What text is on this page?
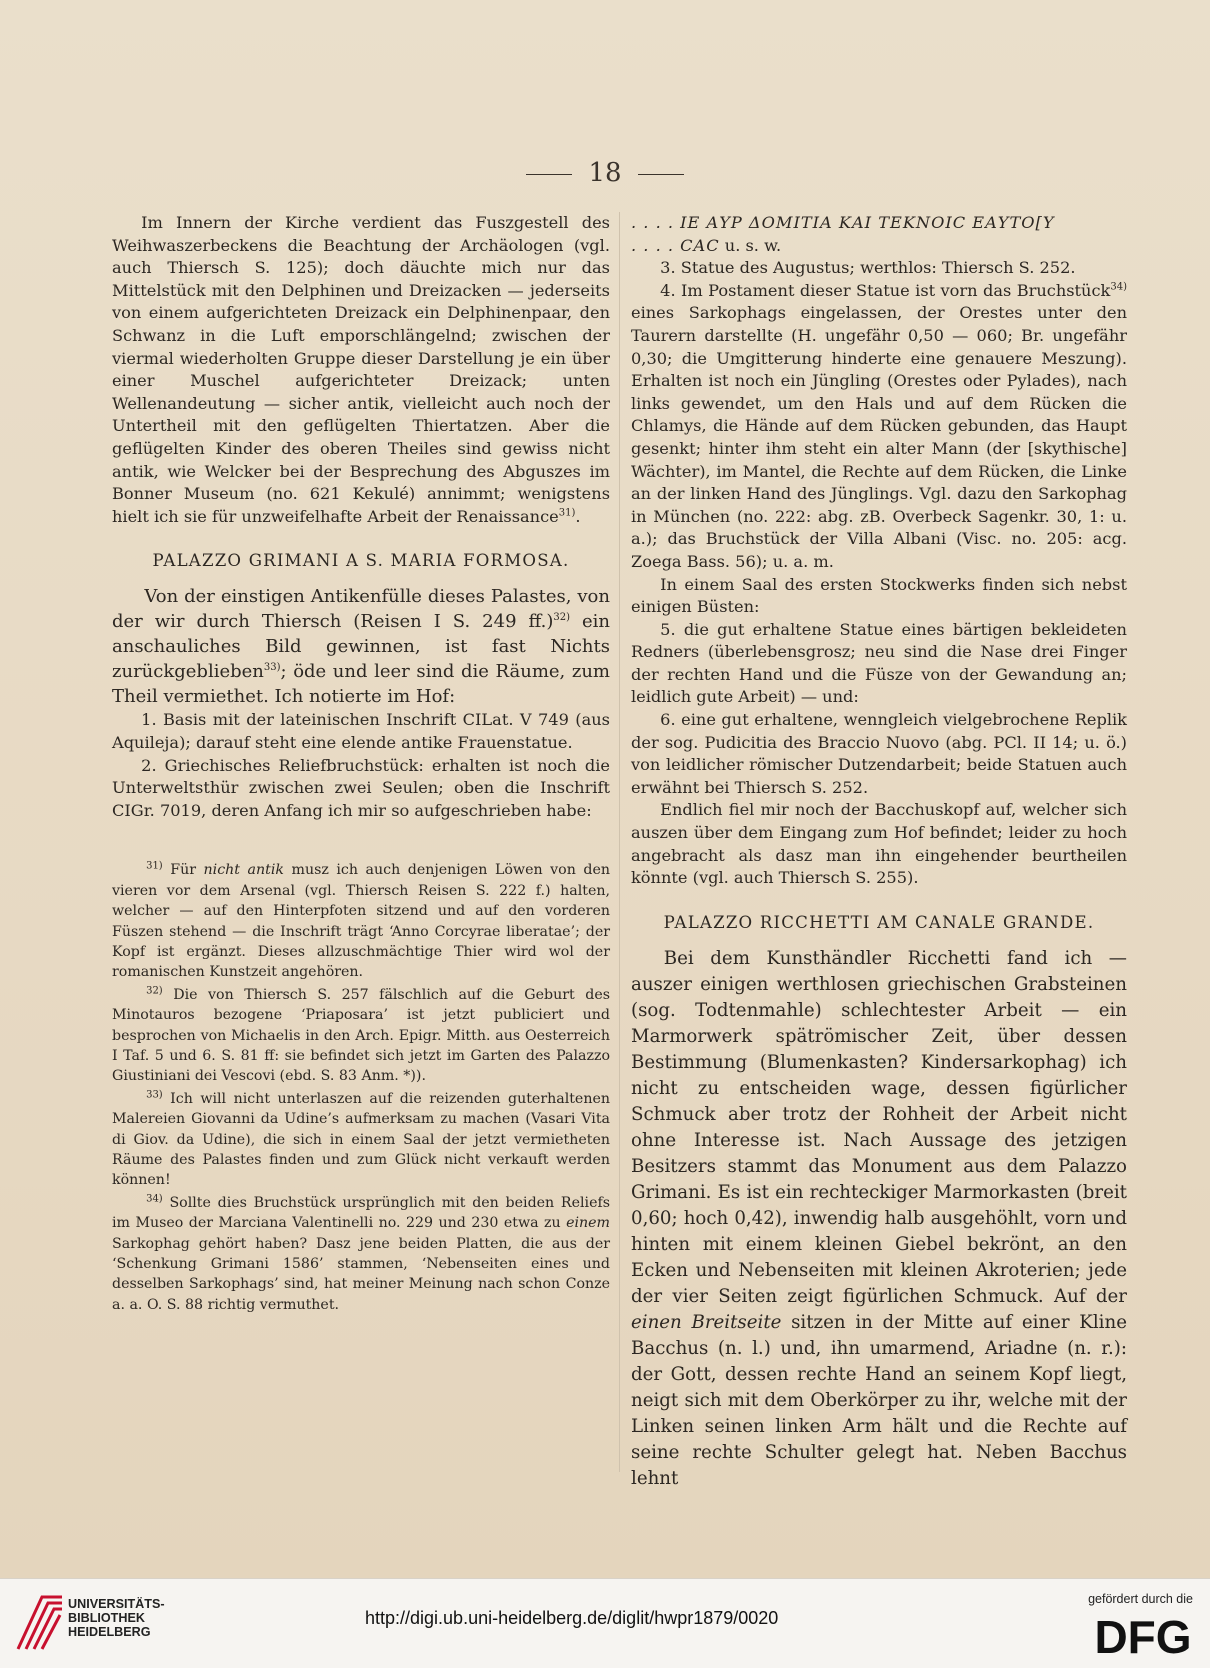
18

Im Innern der Kirche verdient das Fuszgestell des Weihwaszerbeckens die Beachtung der Archäologen (vgl. auch Thiersch S. 125); doch däuchte mich nur das Mittelstück mit den Delphinen und Dreizacken — jederseits von einem aufgerichteten Dreizack ein Delphinenpaar, den Schwanz in die Luft emporschlängelnd; zwischen der viermal wiederholten Gruppe dieser Darstellung je ein über einer Muschel aufgerichteter Dreizack; unten Wellenandeutung — sicher antik, vielleicht auch noch der Untertheil mit den geflügelten Thiertatzen. Aber die geflügelten Kinder des oberen Theiles sind gewiss nicht antik, wie Welcker bei der Besprechung des Abguszes im Bonner Museum (no. 621 Kekulé) annimmt; wenigstens hielt ich sie für unzweifelhafte Arbeit der Renaissance$^{31)}$.

PALAZZO GRIMANI A S. MARIA FORMOSA.

Von der einstigen Antikenfülle dieses Palastes, von der wir durch Thiersch (Reisen I S. 249 ff.)$^{32)}$ ein anschauliches Bild gewinnen, ist fast Nichts zurückgeblieben$^{33)}$; öde und leer sind die Räume, zum Theil vermiethet. Ich notierte im Hof:

1. Basis mit der lateinischen Inschrift CILat. V 749 (aus Aquileja); darauf steht eine elende antike Frauenstatue.

2. Griechisches Reliefbruchstück: erhalten ist noch die Unterweltsthür zwischen zwei Seulen; oben die Inschrift CIGr. 7019, deren Anfang ich mir so aufgeschrieben habe:

$^{31)}$ Für nicht antik musz ich auch denjenigen Löwen von den vieren vor dem Arsenal (vgl. Thiersch Reisen S. 222 f.) halten, welcher — auf den Hinterpfoten sitzend und auf den vorderen Füszen stehend — die Inschrift trägt ‘Anno Corcyrae liberatae’; der Kopf ist ergänzt. Dieses allzuschmächtige Thier wird wol der romanischen Kunstzeit angehören.

$^{32)}$ Die von Thiersch S. 257 fälschlich auf die Geburt des Minotauros bezogene ‘Priaposara’ ist jetzt publiciert und besprochen von Michaelis in den Arch. Epigr. Mitth. aus Oesterreich I Taf. 5 und 6. S. 81 ff: sie befindet sich jetzt im Garten des Palazzo Giustiniani dei Vescovi (ebd. S. 83 Anm. *)).

$^{33)}$ Ich will nicht unterlaszen auf die reizenden guterhaltenen Malereien Giovanni da Udine’s aufmerksam zu machen (Vasari Vita di Giov. da Udine), die sich in einem Saal der jetzt vermietheten Räume des Palastes finden und zum Glück nicht verkauft werden können!

$^{34)}$ Sollte dies Bruchstück ursprünglich mit den beiden Reliefs im Museo der Marciana Valentinelli no. 229 und 230 etwa zu einem Sarkophag gehört haben? Dasz jene beiden Platten, die aus der ‘Schenkung Grimani 1586’ stammen, ‘Nebenseiten eines und desselben Sarkophags’ sind, hat meiner Meinung nach schon Conze a. a. O. S. 88 richtig vermuthet.

. . . . ΙΕ ΑΥΡ ΔΟΜΙΤΙΑ ΚΑΙ ΤΕΚΝΟΙϹ ΕΑΥΤΟ[Υ

. . . . ϹΑϹ u. s. w.

3. Statue des Augustus; werthlos: Thiersch S. 252.

4. Im Postament dieser Statue ist vorn das Bruchstück$^{34)}$ eines Sarkophags eingelassen, der Orestes unter den Taurern darstellte (H. ungefähr 0,50 — 060; Br. ungefähr 0,30; die Umgitterung hinderte eine genauere Meszung). Erhalten ist noch ein Jüngling (Orestes oder Pylades), nach links gewendet, um den Hals und auf dem Rücken die Chlamys, die Hände auf dem Rücken gebunden, das Haupt gesenkt; hinter ihm steht ein alter Mann (der [skythische] Wächter), im Mantel, die Rechte auf dem Rücken, die Linke an der linken Hand des Jünglings. Vgl. dazu den Sarkophag in München (no. 222: abg. zB. Overbeck Sagenkr. 30, 1: u. a.); das Bruchstück der Villa Albani (Visc. no. 205: acg. Zoega Bass. 56); u. a. m.

In einem Saal des ersten Stockwerks finden sich nebst einigen Büsten:

5. die gut erhaltene Statue eines bärtigen bekleideten Redners (überlebensgrosz; neu sind die Nase drei Finger der rechten Hand und die Füsze von der Gewandung an; leidlich gute Arbeit) — und:

6. eine gut erhaltene, wenngleich vielgebrochene Replik der sog. Pudicitia des Braccio Nuovo (abg. PCl. II 14; u. ö.) von leidlicher römischer Dutzendarbeit; beide Statuen auch erwähnt bei Thiersch S. 252.

Endlich fiel mir noch der Bacchuskopf auf, welcher sich auszen über dem Eingang zum Hof befindet; leider zu hoch angebracht als dasz man ihn eingehender beurtheilen könnte (vgl. auch Thiersch S. 255).

PALAZZO RICCHETTI AM CANALE GRANDE.

Bei dem Kunsthändler Ricchetti fand ich — auszer einigen werthlosen griechischen Grabsteinen (sog. Todtenmahle) schlechtester Arbeit — ein Marmorwerk spätrömischer Zeit, über dessen Bestimmung (Blumenkasten? Kindersarkophag) ich nicht zu entscheiden wage, dessen figürlicher Schmuck aber trotz der Rohheit der Arbeit nicht ohne Interesse ist. Nach Aussage des jetzigen Besitzers stammt das Monument aus dem Palazzo Grimani. Es ist ein rechteckiger Marmorkasten (breit 0,60; hoch 0,42), inwendig halb ausgehöhlt, vorn und hinten mit einem kleinen Giebel bekrönt, an den Ecken und Nebenseiten mit kleinen Akroterien; jede der vier Seiten zeigt figürlichen Schmuck. Auf der einen Breitseite sitzen in der Mitte auf einer Kline Bacchus (n. l.) und, ihn umarmend, Ariadne (n. r.): der Gott, dessen rechte Hand an seinem Kopf liegt, neigt sich mit dem Oberkörper zu ihr, welche mit der Linken seinen linken Arm hält und die Rechte auf seine rechte Schulter gelegt hat. Neben Bacchus lehnt

UNIVERSITÄTS-
BIBLIOTHEK
HEIDELBERG
http://digi.ub.uni-heidelberg.de/diglit/hwpr1879/0020
gefördert durch die
DFG
